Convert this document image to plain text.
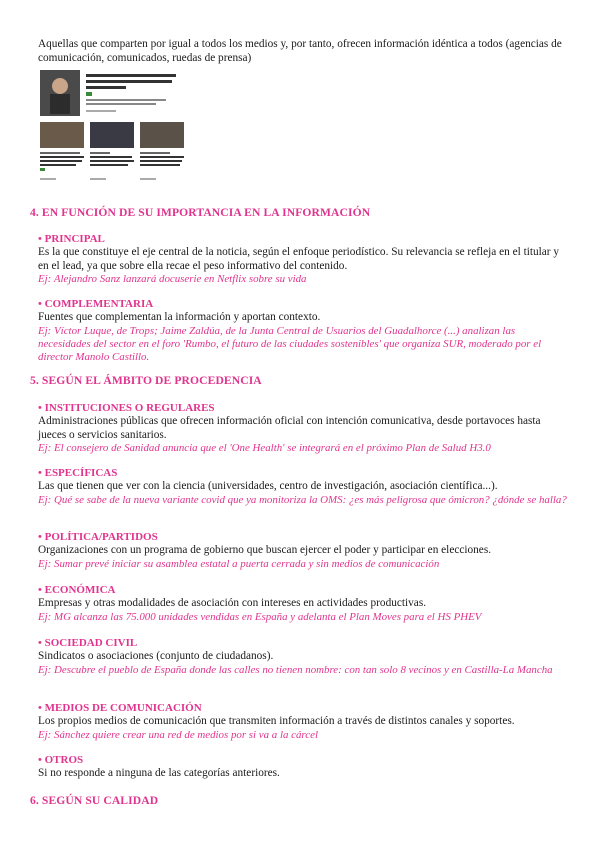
Aquellas que comparten por igual a todos los medios y, por tanto, ofrecen información idéntica a todos (agencias de comunicación, comunicados, ruedas de prensa)
4. EN FUNCIÓN DE SU IMPORTANCIA EN LA INFORMACIÓN
• PRINCIPAL
Es la que constituye el eje central de la noticia, según el enfoque periodístico. Su relevancia se refleja en el titular y en el lead, ya que sobre ella recae el peso informativo del contenido.
Ej: Alejandro Sanz lanzará docuserie en Netflix sobre su vida
• COMPLEMENTARIA
Fuentes que complementan la información y aportan contexto.
Ej: Víctor Luque, de Trops; Jaime Zaldúa, de la Junta Central de Usuarios del Guadalhorce (...) analizan las necesidades del sector en el foro 'Rumbo, el futuro de las ciudades sostenibles' que organiza SUR, moderado por el director Manolo Castillo.
5. SEGÚN EL ÁMBITO DE PROCEDENCIA
• INSTITUCIONES O REGULARES
Administraciones públicas que ofrecen información oficial con intención comunicativa, desde portavoces hasta jueces o servicios sanitarios.
Ej: El consejero de Sanidad anuncia que el 'One Health' se integrará en el próximo Plan de Salud H3.0
• ESPECÍFICAS
Las que tienen que ver con la ciencia (universidades, centro de investigación, asociación científica...).
Ej: Qué se sabe de la nueva variante covid que ya monitoriza la OMS: ¿es más peligrosa que ómicron? ¿dónde se halla?
• POLÍTICA/PARTIDOS
Organizaciones con un programa de gobierno que buscan ejercer el poder y participar en elecciones.
Ej: Sumar prevé iniciar su asamblea estatal a puerta cerrada y sin medios de comunicación
• ECONÓMICA
Empresas y otras modalidades de asociación con intereses en actividades productivas.
Ej: MG alcanza las 75.000 unidades vendidas en España y adelanta el Plan Moves para el HS PHEV
• SOCIEDAD CIVIL
Sindicatos o asociaciones (conjunto de ciudadanos).
Ej: Descubre el pueblo de España donde las calles no tienen nombre: con tan solo 8 vecinos y en Castilla-La Mancha
• MEDIOS DE COMUNICACIÓN
Los propios medios de comunicación que transmiten información a través de distintos canales y soportes.
Ej: Sánchez quiere crear una red de medios por si va a la cárcel
• OTROS
Si no responde a ninguna de las categorías anteriores.
6. SEGÚN SU CALIDAD
